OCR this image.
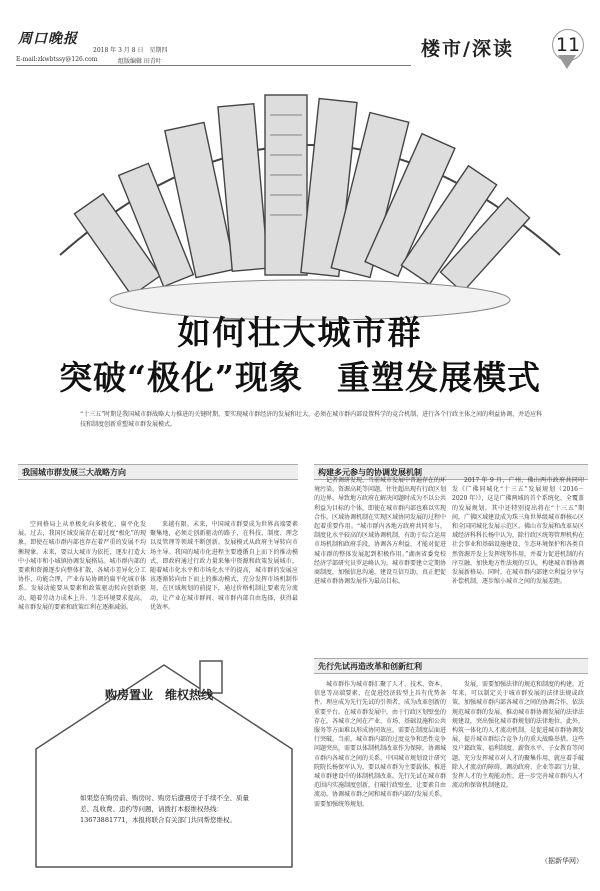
周口晚报
2018 年 3 月 8 日　星期四
E-mail:zkwbtssy@126.com	组版编辑 田青叶
楼市/深读 11
如何壮大城市群
突破“极化”现象　重塑发展模式
“十三五”时期是我国城市群战略大力推进的关键时期，要实现城市群经济的发展和壮大，必须在城市群内部设置科学的竞合机制，进行各个行政主体之间的利益协调，并适应科技和制度创新重塑城市群发展模式。
我国城市群发展三大战略方向	构建多元参与的协调发展机制
先行先试再造改革和创新红利

空间格局上从单极化向多极化、扁平化发展。过去，我国区域发展存在着过度“极化”的现象，即使在城市群内部也存在着严重的发展不均衡现象。未来，要以大城市为依托，逐步打造大中小城市和小城镇协调发展格局。城市群内部的要素和资源逐步向整体扩散，各城市差异化分工协作、功能合理，产业布局协调的扁平化城市体系。发展动能要从要素和政策驱动转向创新驱动，随着劳动力成本上升、生态环境要求提高，城市群发展的要素和政策红利在逐渐减弱。

来越有限。未来，中国城市群要成为世界高端要素聚集地，必须走创新驱动的路子，在科技、制度、理念以及管理等领域不断创新。发展模式从政府主导转向市场主导。我国的城市化进程主要遵循自上而下的推动模式，即政府通过行政力量来集中资源和政策发展城市，随着城市化水平和市场化水平的提高，城市群的发展应该逐渐转向由下而上的推动模式，充分发挥市场机制作用，在区域规划的前提下，通过价格机制让要素充分流动，让产业在城市群间、城市群内部自由选择，获得最优效率。

记者调研发现，当前城市发展中普遍存在的环境污染、资源高耗等问题，往往超出现有行政区划的边界，导致地方政府在解决问题时成为不以公共利益为目标的个体，即使在城市群内部也难以实现合作。区域协调机制在实现区域协同发展的过程中起着重要作用。“城市群内各地方政府共同参与，制度化水平较高的区域协调机制，有助于综合运用市场机制和政府手段，协调各方利益，才能对促进城市群的整体发展起到积极作用。”湖南省委党校经济学部研究员罗运峰认为，城市群要建立定期协商制度，加强信息沟通，建设互信互助，真正把促进城市群协调发展作为最高目标。

2017 年 9 月，广州、佛山两市政府共同印发《广佛同城化“十三五”发展规划（2016－2020 年）》，这是广佛两城的首个系统化、全覆盖的发展规划，其中还特别提出将在“十三五”期间，广佛区域建设成为珠三角世界级城市群核心区和全国同城化发展示范区。佛山市发展和改革局区域经济科科长杨中认为，除行政区统筹管理机构在社会事业和基础设施建设、生态环境保护和各类自然资源开发上发挥统筹作用，并着力促进机制的有序互融，加快地方性法规的互认，构建城市群协调发展新格局。同时，在城市群内部建立利益分享与补偿机制，逐步缩小城市之间的发展差距。

城市群作为城市群汇聚了人才、技术、资本、信息等高端要素，在促进经济转型上具有优势条件。理应成为先行先试的引领者，成为改革创新的重要平台。在城市群发展中，由于行政区划壁垒的存在，各城市之间在产业、市场、基础设施和公共服务等方面难以形成协同效应，需要在制度层面进行突破。当前，城市群内部的过度竞争和恶性竞争问题突出，需要以体制机制改革作为保障，协调城市群内各城市之间的关系。中国城市规划设计研究院院长杨保军认为，要以城市群为主要载体，推进城市群建设中的体制机制改革。先行先试在城市群范围内实施制度创新，打破行政壁垒，让要素自由流动。协调城市群之间和城市群内部的发展关系，需要加强统筹规划。

发展，需要加强法律的规范和制度的构建。近年来，可以制定关于城市群发展的法律法规或政策，加强城市群内部各城市之间的协调合作，依法规范城市群的发展。推动城市群协调发展的法律法规建设，突出强化城市群规划的法律地位。此外，构筑一体化的人才流动机制，是促进城市群协调发展、提升城市群综合竞争力的重大战略举措。这些及户籍政策、福利制度、薪资水平、子女教育等问题。充分发挥城市对人才的聚集作用，就应着手破除人才流动的障碍，调动政府、企业等部门力量，发挥人才的主观能动性，进一步完善城市群内人才流动和保留机制建设。

购房置业　维权热线
如果您在购房前、购房时、购房后遭遇房子手续不全、质量差、乱收费、违约等问题，请拨打本报维权热线：13673881771，本报将联合有关部门共同帮您维权。
（据新华网）
